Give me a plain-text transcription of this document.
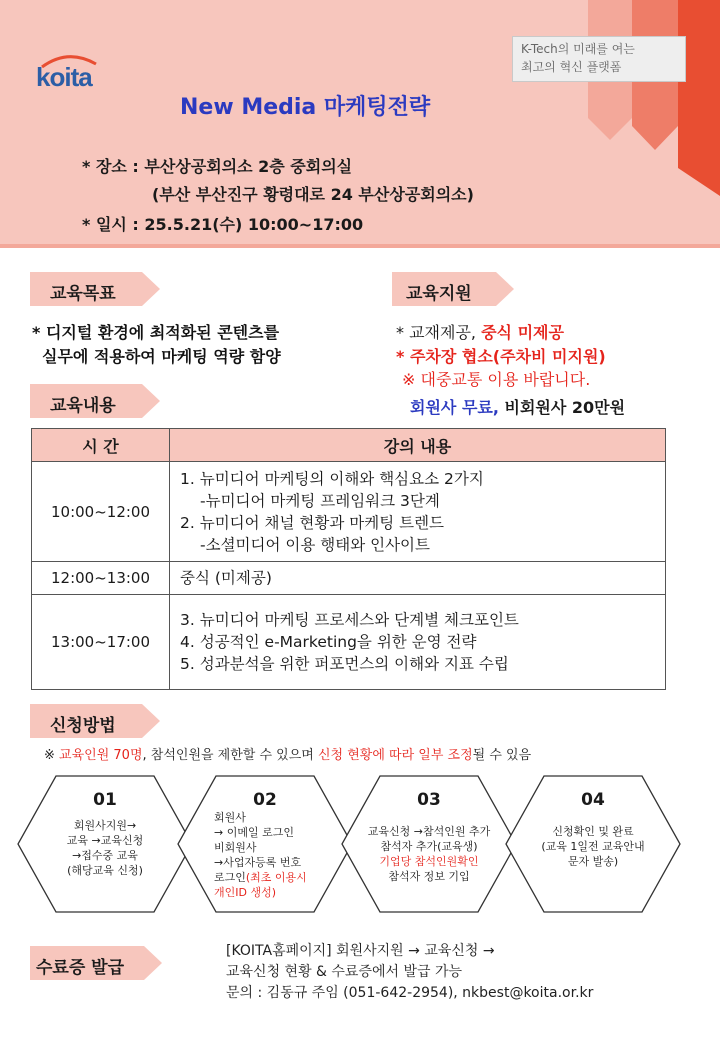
K-Tech의 미래를 여는
최고의 혁신 플랫폼
koita
New Media 마케팅전략
* 장소 : 부산상공회의소 2층 중회의실
(부산 부산진구 황령대로 24 부산상공회의소)
* 일시 : 25.5.21(수) 10:00~17:00
교육목표
* 디지털 환경에 최적화된 콘텐츠를
실무에 적용하여 마케팅 역량 함양
교육지원
* 교재제공, 중식 미제공
* 주차장 협소(주차비 미지원)
※ 대중교통 이용 바랍니다.
회원사 무료, 비회원사 20만원
교육내용
시 간	강의 내용
10:00~12:00	1. 뉴미디어 마케팅의 이해와 핵심요소 2가지
-뉴미디어 마케팅 프레임워크 3단계
2. 뉴미디어 채널 현황과 마케팅 트렌드
-소셜미디어 이용 행태와 인사이트

12:00~13:00	중식 (미제공)

13:00~17:00	3. 뉴미디어 마케팅 프로세스와 단계별 체크포인트
4. 성공적인 e-Marketing을 위한 운영 전략
5. 성과분석을 위한 퍼포먼스의 이해와 지표 수립
신청방법
※ 교육인원 70명, 참석인원을 제한할 수 있으며 신청 현황에 따라 일부 조정될 수 있음
01
회원사지원→
교육 →교육신청
→접수중 교육
(해당교육 신청)
02
회원사
→ 이메일 로그인
비회원사
→사업자등록 번호
로그인(최초 이용시
개인ID 생성)
03
교육신청 →참석인원 추가
참석자 추가(교육생)
기업당 참석인원확인
참석자 정보 기입
04
신청확인 및 완료
(교육 1일전 교육안내
문자 발송)
수료증 발급
[KOITA홈페이지] 회원사지원 → 교육신청 →
교육신청 현황 & 수료증에서 발급 가능
문의 : 김동규 주임 (051-642-2954), nkbest@koita.or.kr
